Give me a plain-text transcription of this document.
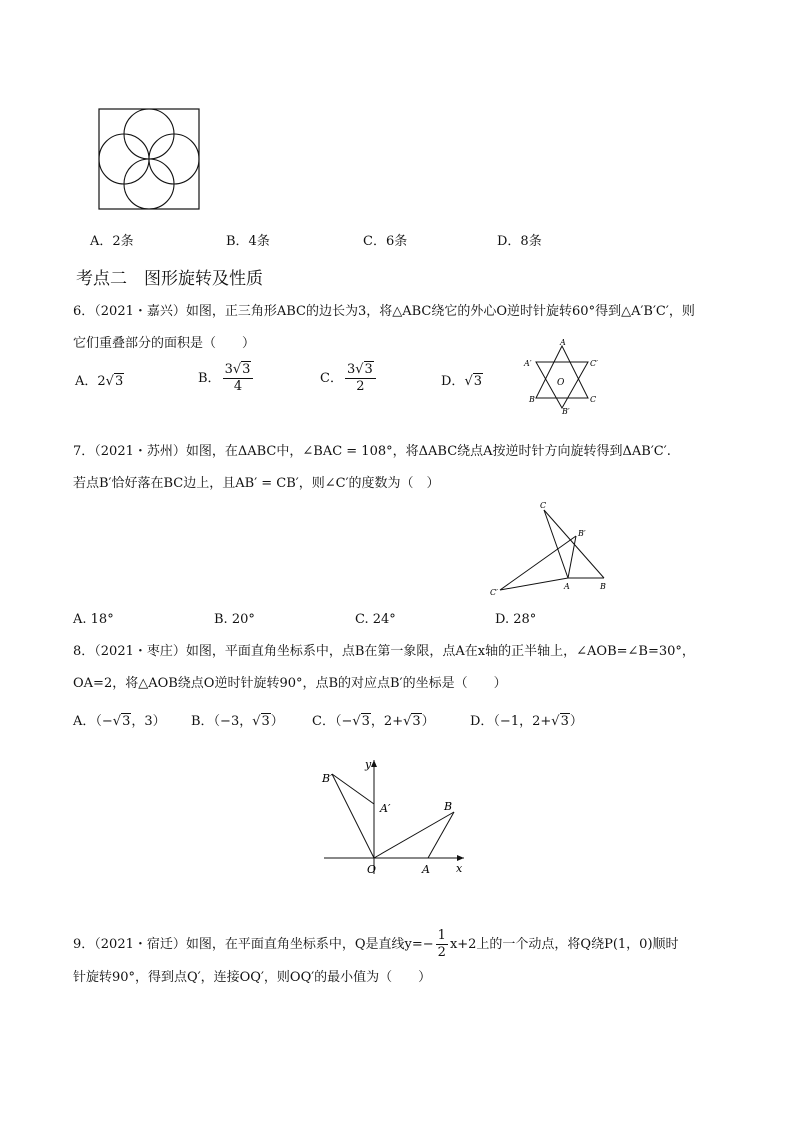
A．2条	B．4条	C．6条	D．8条
考点二　图形旋转及性质
6．（2021・嘉兴）如图，正三角形ABC的边长为3，将△ABC绕它的外心O逆时针旋转60°得到△A′B′C′，则
它们重叠部分的面积是（　　）
A．2√3	B． $\frac{3√3}{4}$	C． $\frac{3√3}{2}$	D．√3
A
A′	C′
O
B	C
B′
7．（2021・苏州）如图，在ΔABC中，∠BAC = 108°，将ΔABC绕点A按逆时针方向旋转得到ΔAB′C′.
若点B′恰好落在BC边上，且AB′ = CB′，则∠C′的度数为（　）
C
B′
A	B
C′
A. 18°	B. 20°	C. 24°	D. 28°
8．（2021・枣庄）如图，平面直角坐标系中，点B在第一象限，点A在x轴的正半轴上，∠AOB=∠B=30°，
OA=2，将△AOB绕点O逆时针旋转90°，点B的对应点B′的坐标是（　　）
A．（−√3，3） B．（−3，√3） C．（−√3，2+√3）	D．（−1，2+√3）
y
x
O	A
B
A′
B′
9．（2021・宿迁）如图，在平面直角坐标系中，Q是直线$y=- \frac{1}{2} x+2$上的一个动点，将Q绕P(1，0)顺时
针旋转90°，得到点Q′，连接OQ′，则OQ′的最小值为（　　）
